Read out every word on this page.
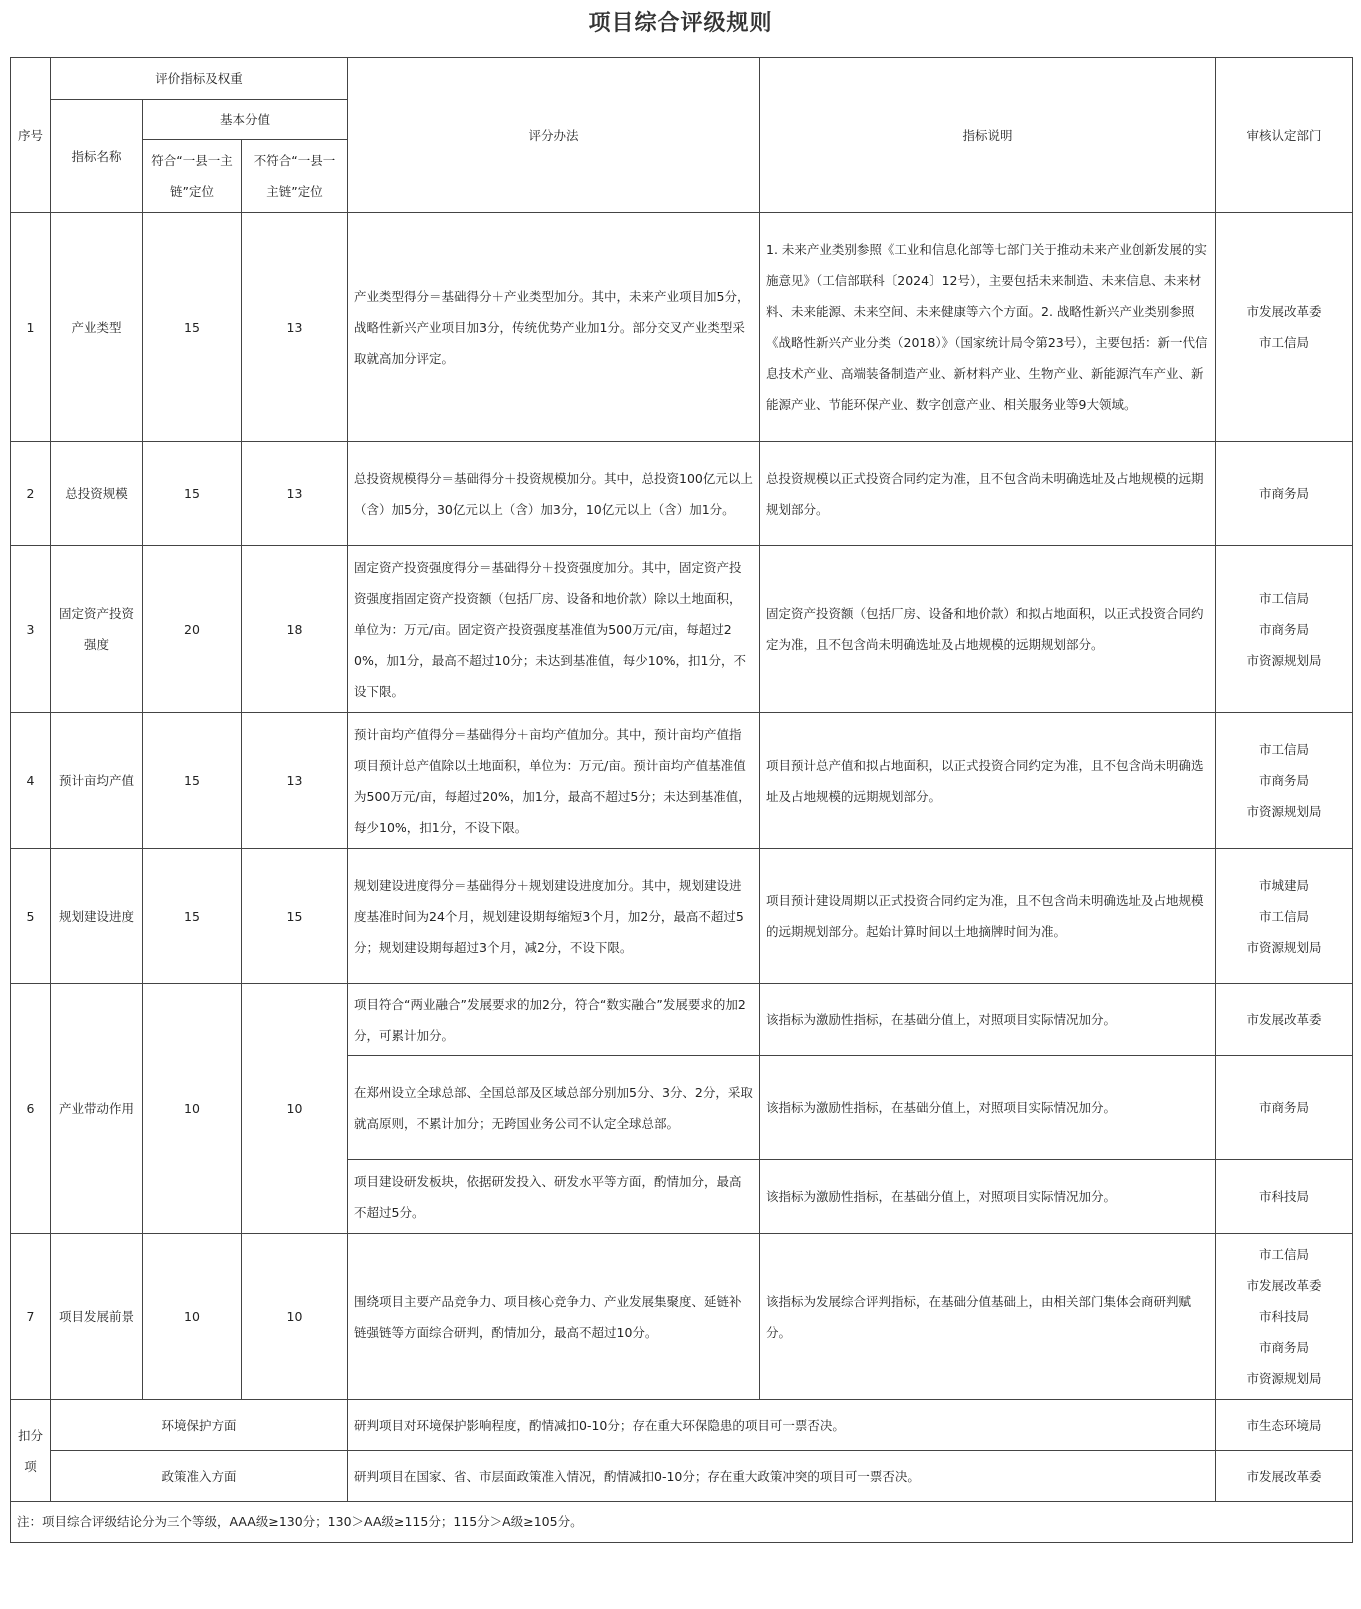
项目综合评级规则
序号	评价指标及权重			评分办法	指标说明	审核认定部门
	指标名称	基本分值				
		符合“一县一主链”定位	不符合“一县一主链”定位			
1	产业类型	15	13	产业类型得分＝基础得分＋产业类型加分。其中，未来产业项目加5分，战略性新兴产业项目加3分，传统优势产业加1分。部分交叉产业类型采取就高加分评定。	1. 未来产业类别参照《工业和信息化部等七部门关于推动未来产业创新发展的实施意见》（工信部联科〔2024〕12号），主要包括未来制造、未来信息、未来材料、未来能源、未来空间、未来健康等六个方面。2. 战略性新兴产业类别参照《战略性新兴产业分类（2018）》（国家统计局令第23号），主要包括：新一代信息技术产业、高端装备制造产业、新材料产业、生物产业、新能源汽车产业、新能源产业、节能环保产业、数字创意产业、相关服务业等9大领域。	市发展改革委
市工信局
2	总投资规模	15	13	总投资规模得分＝基础得分＋投资规模加分。其中，总投资100亿元以上（含）加5分，30亿元以上（含）加3分，10亿元以上（含）加1分。	总投资规模以正式投资合同约定为准，且不包含尚未明确选址及占地规模的远期规划部分。	市商务局
3	固定资产投资强度	20	18	固定资产投资强度得分＝基础得分＋投资强度加分。其中，固定资产投资强度指固定资产投资额（包括厂房、设备和地价款）除以土地面积，单位为：万元/亩。固定资产投资强度基准值为500万元/亩，每超过20%，加1分，最高不超过10分；未达到基准值，每少10%，扣1分，不设下限。	固定资产投资额（包括厂房、设备和地价款）和拟占地面积，以正式投资合同约定为准，且不包含尚未明确选址及占地规模的远期规划部分。	市工信局
市商务局
市资源规划局
4	预计亩均产值	15	13	预计亩均产值得分＝基础得分＋亩均产值加分。其中，预计亩均产值指项目预计总产值除以土地面积，单位为：万元/亩。预计亩均产值基准值为500万元/亩，每超过20%，加1分，最高不超过5分；未达到基准值，每少10%，扣1分，不设下限。	项目预计总产值和拟占地面积，以正式投资合同约定为准，且不包含尚未明确选址及占地规模的远期规划部分。	市工信局
市商务局
市资源规划局
5	规划建设进度	15	15	规划建设进度得分＝基础得分＋规划建设进度加分。其中，规划建设进度基准时间为24个月，规划建设期每缩短3个月，加2分，最高不超过5分；规划建设期每超过3个月，减2分，不设下限。	项目预计建设周期以正式投资合同约定为准，且不包含尚未明确选址及占地规模的远期规划部分。起始计算时间以土地摘牌时间为准。	市城建局
市工信局
市资源规划局
6	产业带动作用	10	10	项目符合“两业融合”发展要求的加2分，符合“数实融合”发展要求的加2分，可累计加分。	该指标为激励性指标，在基础分值上，对照项目实际情况加分。	市发展改革委
				在郑州设立全球总部、全国总部及区域总部分别加5分、3分、2分，采取就高原则，不累计加分；无跨国业务公司不认定全球总部。	该指标为激励性指标，在基础分值上，对照项目实际情况加分。	市商务局
				项目建设研发板块，依据研发投入、研发水平等方面，酌情加分，最高不超过5分。	该指标为激励性指标，在基础分值上，对照项目实际情况加分。	市科技局
7	项目发展前景	10	10	围绕项目主要产品竞争力、项目核心竞争力、产业发展集聚度、延链补链强链等方面综合研判，酌情加分，最高不超过10分。	该指标为发展综合评判指标，在基础分值基础上，由相关部门集体会商研判赋分。	市工信局
市发展改革委
市科技局
市商务局
市资源规划局
扣分项	环境保护方面			研判项目对环境保护影响程度，酌情减扣0-10分；存在重大环保隐患的项目可一票否决。		市生态环境局
	政策准入方面			研判项目在国家、省、市层面政策准入情况，酌情减扣0-10分；存在重大政策冲突的项目可一票否决。		市发展改革委
注：项目综合评级结论分为三个等级，AAA级≥130分；130＞AA级≥115分；115分＞A级≥105分。						
